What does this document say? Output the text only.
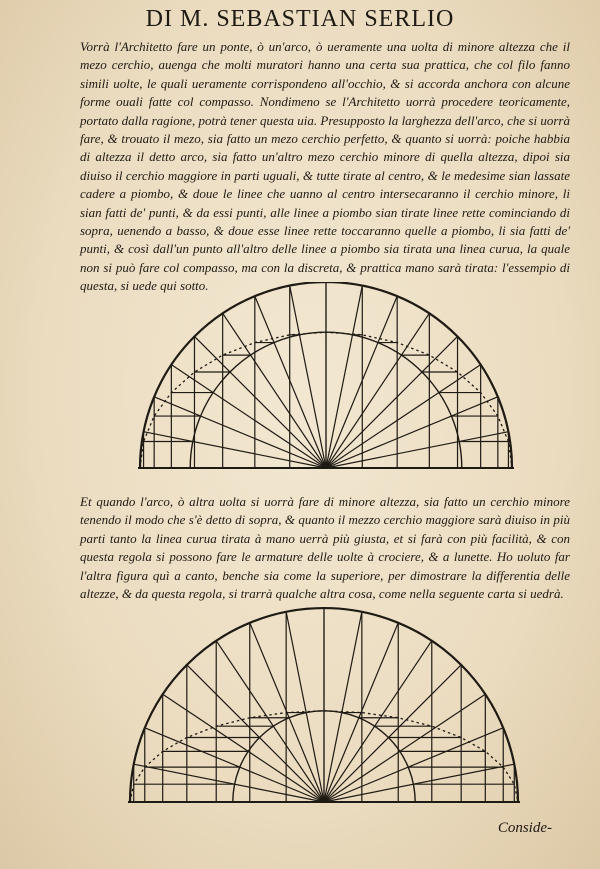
DI M. SEBASTIAN SERLIO

Vorrà l'Architetto fare un ponte, ò un'arco, ò ueramente una uolta di minore altezza che il mezo cerchio, auenga che molti muratori hanno una certa sua prattica, che col filo fanno simili uolte, le quali ueramente corrispondeno all'occhio, & si accorda anchora con alcune forme ouali fatte col compasso. Nondimeno se l'Architetto uorrà procedere teoricamente, portato dalla ragione, potrà tener questa uia. Presupposto la larghezza dell'arco, che si uorrà fare, & trouato il mezo, sia fatto un mezo cerchio perfetto, & quanto si uorrà: poiche habbia di altezza il detto arco, sia fatto un'altro mezo cerchio minore di quella altezza, dipoi sia diuiso il cerchio maggiore in parti uguali, & tutte tirate al centro, & le medesime sian lassate cadere a piombo, & doue le linee che uanno al centro intersecaranno il cerchio minore, li sian fatti de' punti, & da essi punti, alle linee a piombo sian tirate linee rette cominciando di sopra, uenendo a basso, & doue esse linee rette toccaranno quelle a piombo, li sia fatti de' punti, & così dall'un punto all'altro delle linee a piombo sia tirata una linea curua, la quale non si può fare col compasso, ma con la discreta, & prattica mano sarà tirata: l'essempio di questa, si uede qui sotto.

Et quando l'arco, ò altra uolta si uorrà fare di minore altezza, sia fatto un cerchio minore tenendo il modo che s'è detto di sopra, & quanto il mezzo cerchio maggiore sarà diuiso in più parti tanto la linea curua tirata à mano uerrà più giusta, et si farà con più facilità, & con questa regola si possono fare le armature delle uolte à crociere, & a lunette. Ho uoluto far l'altra figura quì a canto, benche sia come la superiore, per dimostrare la differentia delle altezze, & da questa regola, si trarrà qualche altra cosa, come nella seguente carta si uedrà.

Conside-
